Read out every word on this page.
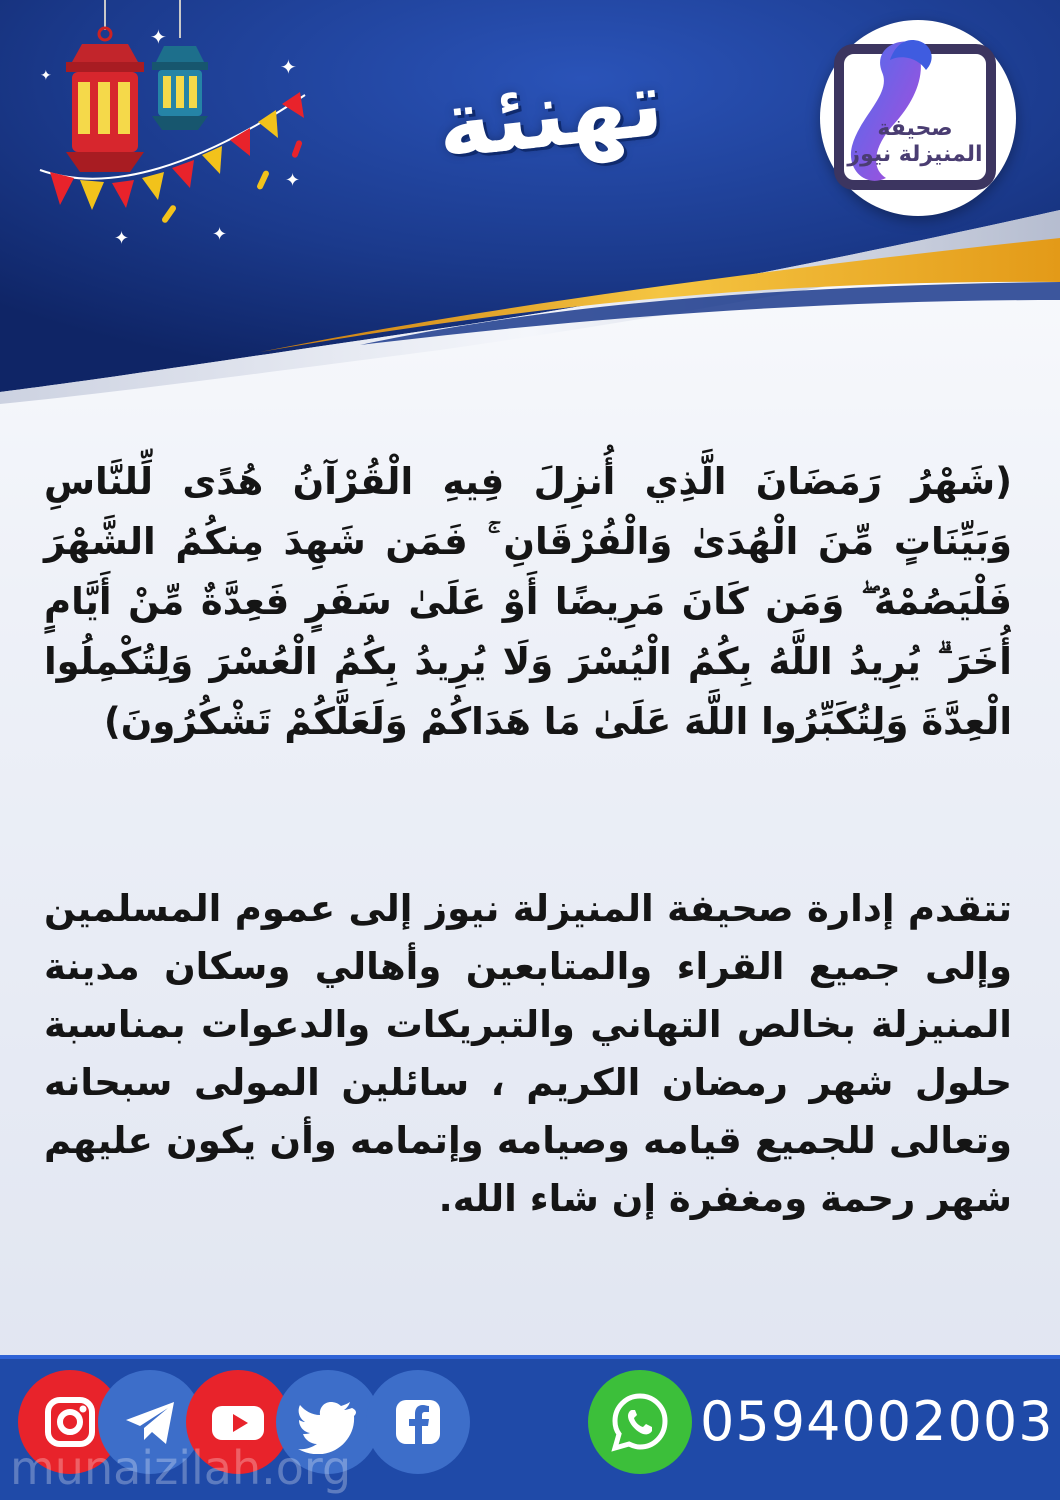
✦
✦
✦
✦	✦
✦	تهنئة	صحيفة
المنيزلة نيوز

(شَهْرُ رَمَضَانَ الَّذِي أُنزِلَ فِيهِ الْقُرْآنُ هُدًى لِّلنَّاسِ وَبَيِّنَاتٍ مِّنَ الْهُدَىٰ وَالْفُرْقَانِ ۚ فَمَن شَهِدَ مِنكُمُ الشَّهْرَ فَلْيَصُمْهُ ۖ وَمَن كَانَ مَرِيضًا أَوْ عَلَىٰ سَفَرٍ فَعِدَّةٌ مِّنْ أَيَّامٍ أُخَرَ ۗ يُرِيدُ اللَّهُ بِكُمُ الْيُسْرَ وَلَا يُرِيدُ بِكُمُ الْعُسْرَ وَلِتُكْمِلُوا الْعِدَّةَ وَلِتُكَبِّرُوا اللَّهَ عَلَىٰ مَا هَدَاكُمْ وَلَعَلَّكُمْ تَشْكُرُونَ)

تتقدم إدارة صحيفة المنيزلة نيوز إلى عموم المسلمين وإلى جميع القراء والمتابعين وأهالي وسكان مدينة المنيزلة بخالص التهاني والتبريكات والدعوات بمناسبة حلول شهر رمضان الكريم ، سائلين المولى سبحانه وتعالى للجميع قيامه وصيامه وإتمامه وأن يكون عليهم شهر رحمة ومغفرة إن شاء الله.

0594002003
munaizilah.org
